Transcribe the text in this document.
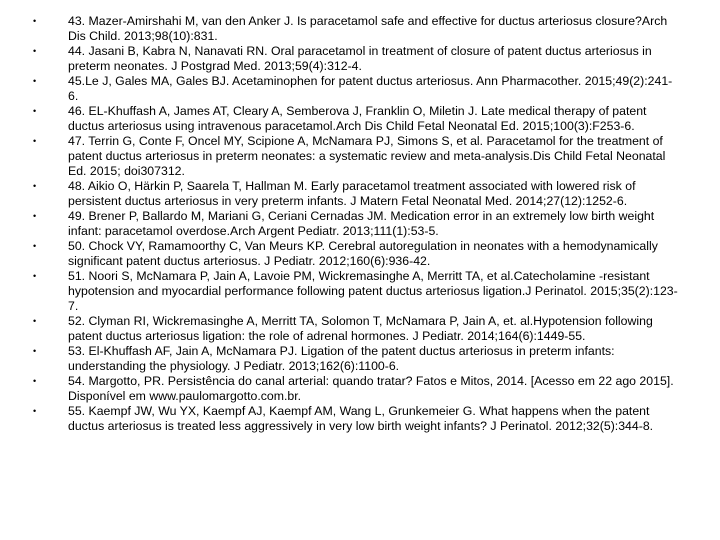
•	43. Mazer-Amirshahi M, van den Anker J. Is paracetamol safe and effective for ductus arteriosus closure?Arch Dis Child. 2013;98(10):831.
•	44. Jasani B, Kabra N, Nanavati RN. Oral paracetamol in treatment of closure of patent ductus arteriosus in preterm neonates. J Postgrad Med. 2013;59(4):312-4.
•	45.Le J, Gales MA, Gales BJ. Acetaminophen for patent ductus arteriosus. Ann Pharmacother. 2015;49(2):241-6.
•	46. EL-Khuffash A, James AT, Cleary A, Semberova J, Franklin O, Miletin J. Late medical therapy of patent ductus arteriosus using intravenous paracetamol.Arch Dis Child Fetal Neonatal Ed. 2015;100(3):F253-6.
•	47. Terrin G, Conte F, Oncel MY, Scipione A, McNamara PJ, Simons S, et al. Paracetamol for the treatment of patent ductus arteriosus in preterm neonates: a systematic review and meta-analysis.Dis Child Fetal Neonatal Ed. 2015; doi307312.
•	48. Aikio O, Härkin P, Saarela T, Hallman M. Early paracetamol treatment associated with lowered risk of persistent ductus arteriosus in very preterm infants. J Matern Fetal Neonatal Med. 2014;27(12):1252-6.
•	49. Brener P, Ballardo M, Mariani G, Ceriani Cernadas JM. Medication error in an extremely low birth weight infant: paracetamol overdose.Arch Argent Pediatr. 2013;111(1):53-5.
•	50. Chock VY, Ramamoorthy C, Van Meurs KP. Cerebral autoregulation in neonates with a hemodynamically significant patent ductus arteriosus. J Pediatr. 2012;160(6):936-42.
•	51. Noori S, McNamara P, Jain A, Lavoie PM, Wickremasinghe A, Merritt TA, et al.Catecholamine -resistant hypotension and myocardial performance following patent ductus arteriosus ligation.J Perinatol. 2015;35(2):123-7.
•	52. Clyman RI, Wickremasinghe A, Merritt TA, Solomon T, McNamara P, Jain A, et. al.Hypotension following patent ductus arteriosus ligation: the role of adrenal hormones. J Pediatr. 2014;164(6):1449-55.
•	53. El-Khuffash AF, Jain A, McNamara PJ. Ligation of the patent ductus arteriosus in preterm infants: understanding the physiology. J Pediatr. 2013;162(6):1100-6.
•	54. Margotto, PR. Persistência do canal arterial: quando tratar? Fatos e Mitos, 2014. [Acesso em 22 ago 2015]. Disponível em www.paulomargotto.com.br.
•	55. Kaempf JW, Wu YX, Kaempf AJ, Kaempf AM, Wang L, Grunkemeier G. What happens when the patent ductus arteriosus is treated less aggressively in very low birth weight infants? J Perinatol. 2012;32(5):344-8.
